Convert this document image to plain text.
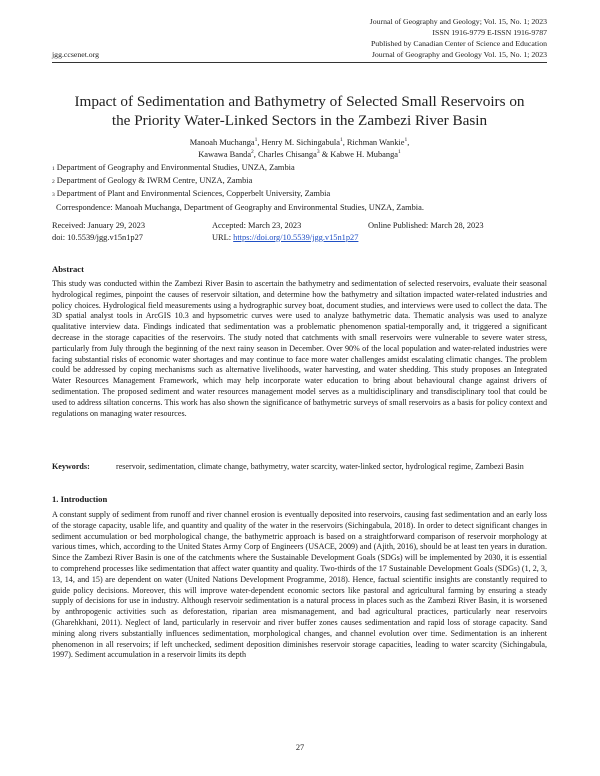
Journal of Geography and Geology; Vol. 15, No. 1; 2023
ISSN 1916-9779 E-ISSN 1916-9787
Published by Canadian Center of Science and Education
Journal of Geography and Geology Vol. 15, No. 1; 2023
jgg.ccsenet.org
Impact of Sedimentation and Bathymetry of Selected Small Reservoirs on
the Priority Water-Linked Sectors in the Zambezi River Basin
Manoah Muchanga$^1$, Henry M. Sichingabula$^1$, Richman Wankie$^1$,
Kawawa Banda$^2$, Charles Chisanga$^3$ & Kabwe H. Mubanga$^1$
1 Department of Geography and Environmental Studies, UNZA, Zambia
2 Department of Geology & IWRM Centre, UNZA, Zambia
3 Department of Plant and Environmental Sciences, Copperbelt University, Zambia
Correspondence: Manoah Muchanga, Department of Geography and Environmental Studies, UNZA, Zambia.
Received: January 29, 2023	Accepted: March 23, 2023	Online Published: March 28, 2023
doi: 10.5539/jgg.v15n1p27	URL: https://doi.org/10.5539/jgg.v15n1p27
Abstract
This study was conducted within the Zambezi River Basin to ascertain the bathymetry and sedimentation of selected reservoirs, evaluate their seasonal hydrological regimes, pinpoint the causes of reservoir siltation, and determine how the bathymetry and siltation impacted water-related industries and policy choices. Hydrological field measurements using a hydrographic survey boat, document studies, and interviews were used to collect the data. The 3D spatial analyst tools in ArcGIS 10.3 and hypsometric curves were used to analyze bathymetric data. Thematic analysis was used to analyze qualitative interview data. Findings indicated that sedimentation was a problematic phenomenon spatial-temporally and, it triggered a significant decrease in the storage capacities of the reservoirs. The study noted that catchments with small reservoirs were vulnerable to severe water stress, particularly from July through the beginning of the next rainy season in December. Over 90% of the local population and water-related industries were facing substantial risks of economic water shortages and may continue to face more water challenges amidst escalating climatic changes. The problem could be addressed by coping mechanisms such as alternative livelihoods, water harvesting, and water shedding. This study proposes an Integrated Water Resources Management Framework, which may help incorporate water education to bring about behavioural change against drivers of sedimentation. The proposed sediment and water resources management model serves as a multidisciplinary and transdisciplinary tool that could be used to address siltation concerns. This work has also shown the significance of bathymetric surveys of small reservoirs as a basis for policy context and regulations on managing water resources.
Keywords:	reservoir, sedimentation, climate change, bathymetry, water scarcity, water-linked sector, hydrological regime, Zambezi Basin
1. Introduction
A constant supply of sediment from runoff and river channel erosion is eventually deposited into reservoirs, causing fast sedimentation and an early loss of the storage capacity, usable life, and quantity and quality of the water in the reservoirs (Sichingabula, 2018). In order to detect significant changes in sediment accumulation or bed morphological change, the bathymetric approach is based on a straightforward comparison of reservoir morphology at various times, which, according to the United States Army Corp of Engineers (USACE, 2009) and (Ajith, 2016), should be at least ten years in duration. Since the Zambezi River Basin is one of the catchments where the Sustainable Development Goals (SDGs) will be implemented by 2030, it is essential to comprehend processes like sedimentation that affect water quantity and quality. Two-thirds of the 17 Sustainable Development Goals (SDGs) (1, 2, 3, 13, 14, and 15) are dependent on water (United Nations Development Programme, 2018). Hence, factual scientific insights are constantly required to guide policy decisions. Moreover, this will improve water-dependent economic sectors like pastoral and agricultural farming by ensuring a steady supply of decisions for use in industry. Although reservoir sedimentation is a natural process in places such as the Zambezi River Basin, it is worsened by anthropogenic activities such as deforestation, riparian area mismanagement, and bad agricultural practices, particularly near reservoirs (Gharehkhani, 2011). Neglect of land, particularly in reservoir and river buffer zones causes sedimentation and rapid loss of storage capacity. Sand mining along rivers substantially influences sedimentation, morphological changes, and channel evolution over time. Sedimentation is an inherent phenomenon in all reservoirs; if left unchecked, sediment deposition diminishes reservoir storage capacities, leading to water scarcity (Sichingabula, 1997). Sediment accumulation in a reservoir limits its depth
27
